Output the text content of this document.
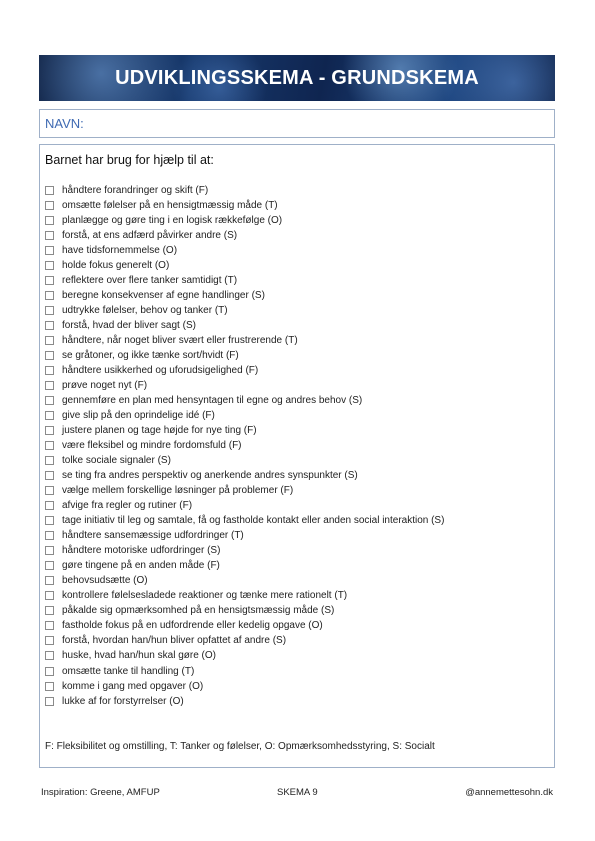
UDVIKLINGSSKEMA - GRUNDSKEMA
NAVN:
Barnet har brug for hjælp til at:
håndtere forandringer og skift (F)
omsætte følelser på en hensigtmæssig måde (T)
planlægge og gøre ting i en logisk rækkefølge (O)
forstå, at ens adfærd påvirker andre (S)
have tidsfornemmelse (O)
holde fokus generelt (O)
reflektere over flere tanker samtidigt (T)
beregne konsekvenser af egne handlinger (S)
udtrykke følelser, behov og tanker (T)
forstå, hvad der bliver sagt (S)
håndtere, når noget bliver svært eller frustrerende (T)
se gråtoner, og ikke tænke sort/hvidt (F)
håndtere usikkerhed og uforudsigelighed (F)
prøve noget nyt (F)
gennemføre en plan med hensyntagen til egne og andres behov (S)
give slip på den oprindelige idé (F)
justere planen og tage højde for nye ting (F)
være fleksibel og mindre fordomsfuld (F)
tolke sociale signaler (S)
se ting fra andres perspektiv og anerkende andres synspunkter (S)
vælge mellem forskellige løsninger på problemer (F)
afvige fra regler og rutiner (F)
tage initiativ til leg og samtale, få og fastholde kontakt eller anden social interaktion (S)
håndtere sansemæssige udfordringer (T)
håndtere motoriske udfordringer (S)
gøre tingene på en anden måde (F)
behovsudsætte (O)
kontrollere følelsesladede reaktioner og tænke mere rationelt (T)
påkalde sig opmærksomhed på en hensigtsmæssig måde (S)
fastholde fokus på en udfordrende eller kedelig opgave (O)
forstå, hvordan han/hun bliver opfattet af andre (S)
huske, hvad han/hun skal gøre (O)
omsætte tanke til handling (T)
komme i gang med opgaver (O)
lukke af for forstyrrelser (O)
F: Fleksibilitet og omstilling, T: Tanker og følelser, O: Opmærksomhedsstyring, S: Socialt
Inspiration: Greene, AMFUP	SKEMA 9	@annemettesohn.dk
